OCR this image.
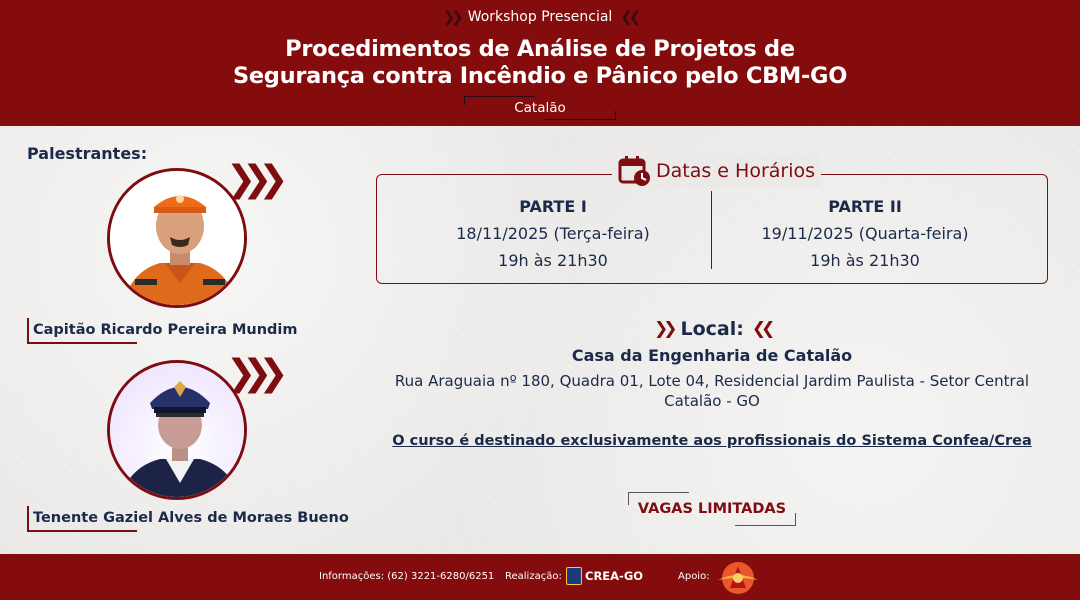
❯❯ Workshop Presencial ❮❮
Procedimentos de Análise de Projetos de
Segurança contra Incêndio e Pânico pelo CBM-GO
Catalão
Palestrantes:
❯❯❯
Capitão Ricardo Pereira Mundim
❯❯❯
Tenente Gaziel Alves de Moraes Bueno
PARTE I
18/11/2025 (Terça-feira)
19h às 21h30
PARTE II
19/11/2025 (Quarta-feira)
19h às 21h30
Datas e Horários
❯❯ Local: ❮❮
Casa da Engenharia de Catalão
Rua Araguaia nº 180, Quadra 01, Lote 04, Residencial Jardim Paulista - Setor Central
Catalão - GO
O curso é destinado exclusivamente aos profissionais do Sistema Confea/Crea
VAGAS LIMITADAS
Informações: (62) 3221-6280/6251 Realização: CREA-GO	Apoio:
